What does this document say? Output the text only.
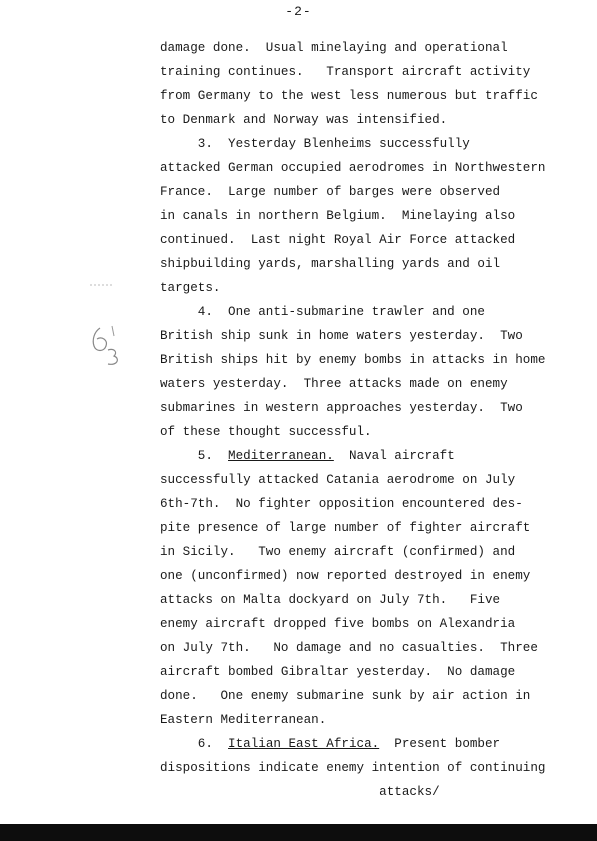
-2-
damage done.  Usual minelaying and operational
training continues.   Transport aircraft activity
from Germany to the west less numerous but traffic
to Denmark and Norway was intensified.
3.  Yesterday Blenheims successfully
attacked German occupied aerodromes in Northwestern
France.  Large number of barges were observed
in canals in northern Belgium.  Minelaying also
continued.  Last night Royal Air Force attacked
shipbuilding yards, marshalling yards and oil
targets.
4.  One anti-submarine trawler and one
British ship sunk in home waters yesterday.  Two
British ships hit by enemy bombs in attacks in home
waters yesterday.  Three attacks made on enemy
submarines in western approaches yesterday.  Two
of these thought successful.
5.  Mediterranean.  Naval aircraft
successfully attacked Catania aerodrome on July
6th-7th.  No fighter opposition encountered des-
pite presence of large number of fighter aircraft
in Sicily.   Two enemy aircraft (confirmed) and
one (unconfirmed) now reported destroyed in enemy
attacks on Malta dockyard on July 7th.   Five
enemy aircraft dropped five bombs on Alexandria
on July 7th.   No damage and no casualties.  Three
aircraft bombed Gibraltar yesterday.  No damage
done.   One enemy submarine sunk by air action in
Eastern Mediterranean.
6.  Italian East Africa.  Present bomber
dispositions indicate enemy intention of continuing
attacks/
